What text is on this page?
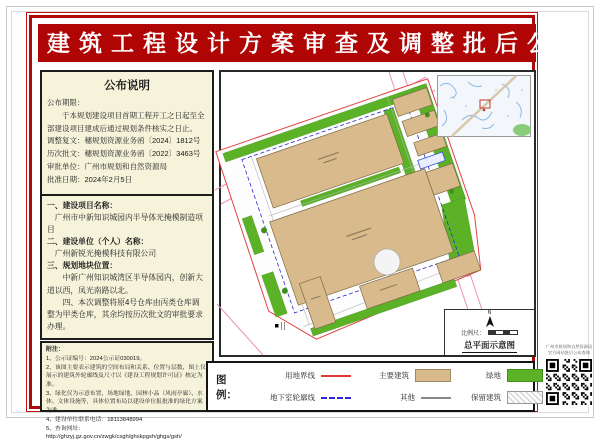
建筑工程设计方案审查及调整批后公布
公布说明
公布期限：
于本规划建设项目首期工程开工之日起至全部建设项目建成后通过规划条件核实之日止。
调整复文：穗规划资源业务函〔2024〕1812号
历次批文：穗规划资源业务函〔2022〕3463号
审批单位：广州市规划和自然资源局
批准日期：2024年2月5日
一、建设项目名称：
广州市中新知识城园内半导体光掩模制造项目
二、建设单位（个人）名称：
广州新锐光掩模科技有限公司
三、规划地块位置：
中新广州知识城湾区半导体园内，创新大道以西，凤光南路以北。
四、本次调整将原4号仓库由丙类仓库调整为甲类仓库，其余均按历次批文的审批要求办理。
附注：
1、公示证编号：2024公示证030019。
2、该图主要表示建筑的空间布局和关系、位置与层数，图上仅展示的建筑外轮廓线及尺寸以《建设工程规划许可证》核定为准。
3、绿化仅为示意布置，场地绿地、园林小品（风雨亭廊）、水体、文体设施等，具体位置布局以建设单位报批准的绿化方案为准。
4、建设单位联系电话：18113848994
5、查询网址：http://ghzyj.gz.gov.cn/zwgk/csgh/ghskpgsh/ghgs/gsh/
N
比例尺：
总平面示意图
图例：
用地界线	主要建筑	绿地
地下室轮廓线	其他	保留建筑
广州市规划和自然资源局
官方网站批后公布查询
